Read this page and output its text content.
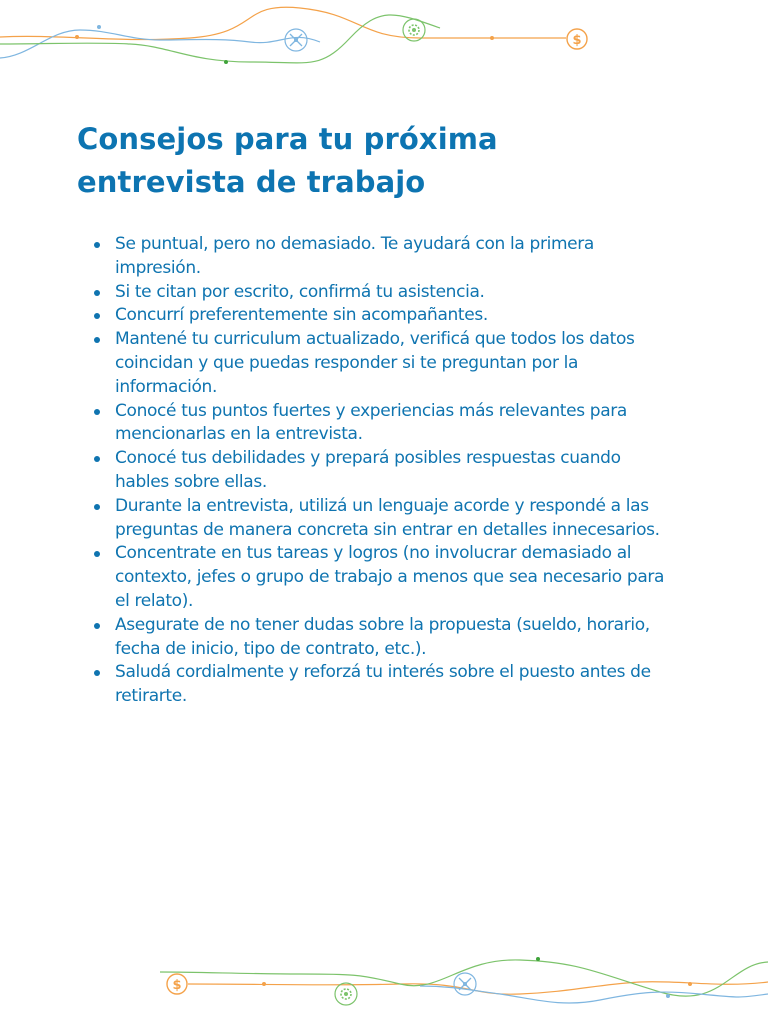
$
Consejos para tu próxima
entrevista de trabajo
Se puntual, pero no demasiado. Te ayudará con la primera impresión.
Si te citan por escrito, confirmá tu asistencia.
Concurrí preferentemente sin acompañantes.
Mantené tu curriculum actualizado, verificá que todos los datos coincidan y que puedas responder si te preguntan por la información.
Conocé tus puntos fuertes y experiencias más relevantes para mencionarlas en la entrevista.
Conocé tus debilidades y prepará posibles respuestas cuando hables sobre ellas.
Durante la entrevista, utilizá un lenguaje acorde y respondé a las preguntas de manera concreta sin entrar en detalles innecesarios.
Concentrate en tus tareas y logros (no involucrar demasiado al contexto, jefes o grupo de trabajo a menos que sea necesario para el relato).
Asegurate de no tener dudas sobre la propuesta (sueldo, horario, fecha de inicio, tipo de contrato, etc.).
Saludá cordialmente y reforzá tu interés sobre el puesto antes de retirarte.
$
